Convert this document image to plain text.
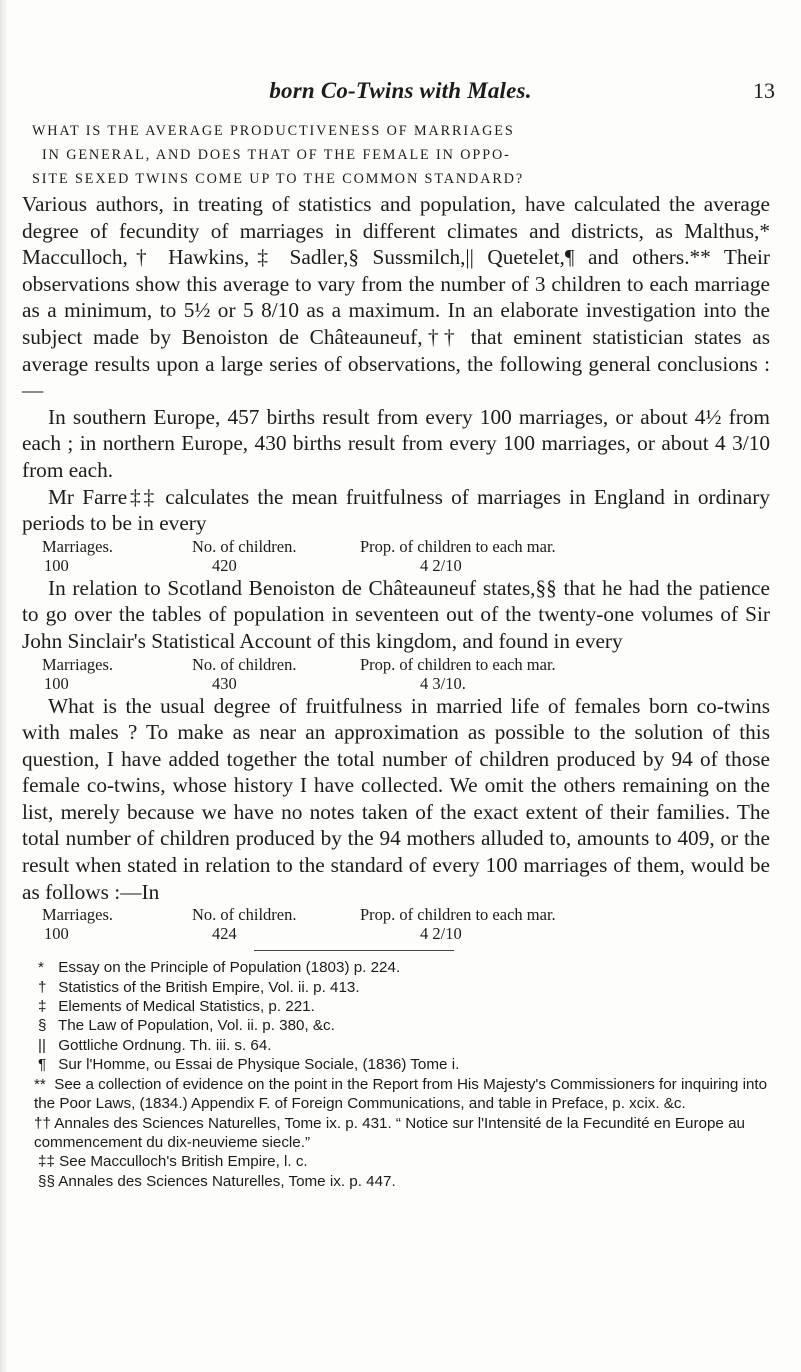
born Co-Twins with Males.	13

WHAT IS THE AVERAGE PRODUCTIVENESS OF MARRIAGES
IN GENERAL, AND DOES THAT OF THE FEMALE IN OPPO-
SITE SEXED TWINS COME UP TO THE COMMON STANDARD?

Various authors, in treating of statistics and population, have calculated the average degree of fecundity of marriages in different climates and districts, as Malthus,* Macculloch,† Hawkins,‡ Sadler,§ Sussmilch,|| Quetelet,¶ and others.** Their observations show this average to vary from the number of 3 children to each marriage as a minimum, to 5½ or 5 8/10 as a maximum. In an elaborate investigation into the subject made by Benoiston de Châteauneuf,†† that eminent statistician states as average results upon a large series of observations, the following general conclusions :—

In southern Europe, 457 births result from every 100 marriages, or about 4½ from each ; in northern Europe, 430 births result from every 100 marriages, or about 4 3/10 from each.

Mr Farre‡‡ calculates the mean fruitfulness of marriages in England in ordinary periods to be in every

Marriages.	No. of children.	Prop. of children to each mar.
100	420	4 2/10

In relation to Scotland Benoiston de Châteauneuf states,§§ that he had the patience to go over the tables of population in seventeen out of the twenty-one volumes of Sir John Sinclair's Statistical Account of this kingdom, and found in every

Marriages.	No. of children.	Prop. of children to each mar.
100	430	4 3/10.

What is the usual degree of fruitfulness in married life of females born co-twins with males ? To make as near an approximation as possible to the solution of this question, I have added together the total number of children produced by 94 of those female co-twins, whose history I have collected. We omit the others remaining on the list, merely because we have no notes taken of the exact extent of their families. The total number of children produced by the 94 mothers alluded to, amounts to 409, or the result when stated in relation to the standard of every 100 marriages of them, would be as follows :—In

Marriages.	No. of children.	Prop. of children to each mar.
100	424	4 2/10
* Essay on the Principle of Population (1803) p. 224.
† Statistics of the British Empire, Vol. ii. p. 413.
‡ Elements of Medical Statistics, p. 221.
§ The Law of Population, Vol. ii. p. 380, &c.
|| Gottliche Ordnung. Th. iii. s. 64.
¶ Sur l'Homme, ou Essai de Physique Sociale, (1836) Tome i.
** See a collection of evidence on the point in the Report from His Majesty's Commissioners for inquiring into the Poor Laws, (1834.) Appendix F. of Foreign Communications, and table in Preface, p. xcix. &c.
†† Annales des Sciences Naturelles, Tome ix. p. 431. “ Notice sur l'Intensité de la Fecundité en Europe au commencement du dix-neuvieme siecle.”
‡‡ See Macculloch's British Empire, l. c.
§§ Annales des Sciences Naturelles, Tome ix. p. 447.
